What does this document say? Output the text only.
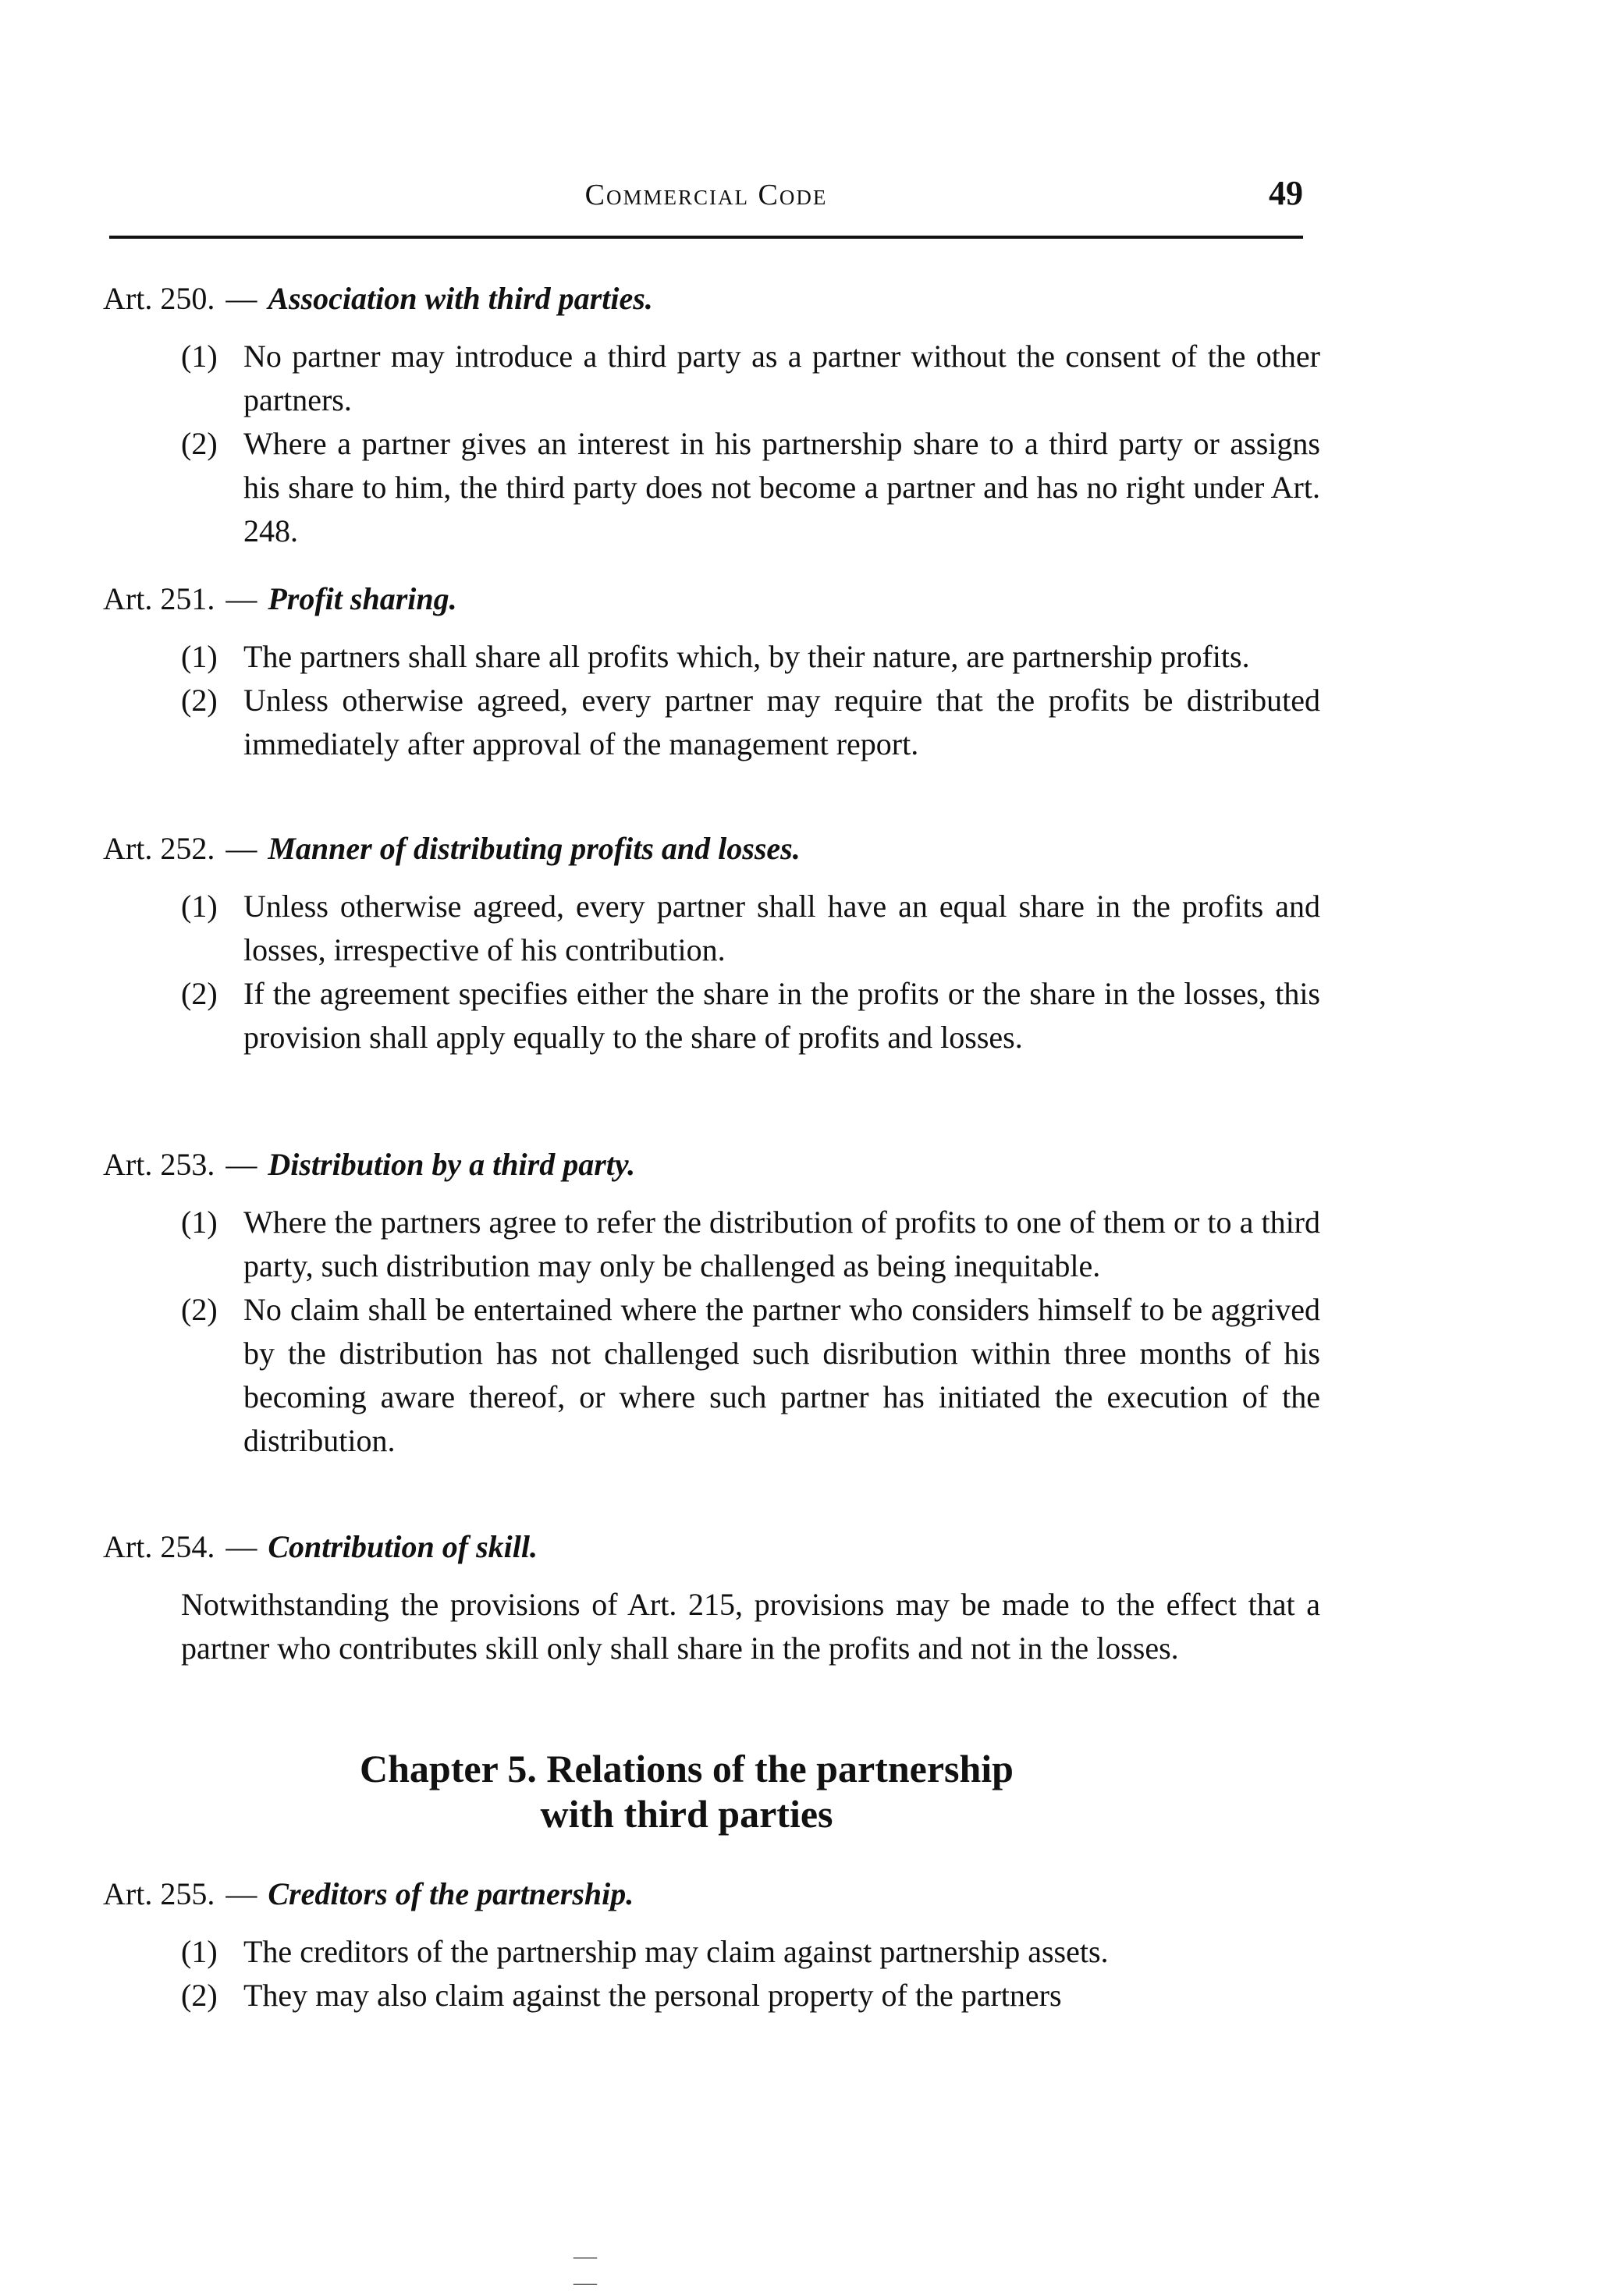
Commercial Code	49
Art. 250. — Association with third parties.

(1) No partner may introduce a third party as a partner without the consent of the other partners.

(2) Where a partner gives an interest in his partnership share to a third party or assigns his share to him, the third party does not become a partner and has no right under Art. 248.

Art. 251. — Profit sharing.

(1) The partners shall share all profits which, by their nature, are partnership profits.

(2) Unless otherwise agreed, every partner may require that the profits be distributed immediately after approval of the management report.

Art. 252. — Manner of distributing profits and losses.

(1) Unless otherwise agreed, every partner shall have an equal share in the profits and losses, irrespective of his contribution.

(2) If the agreement specifies either the share in the profits or the share in the losses, this provision shall apply equally to the share of profits and losses.

Art. 253. — Distribution by a third party.

(1) Where the partners agree to refer the distribution of profits to one of them or to a third party, such distribution may only be challenged as being inequitable.

(2) No claim shall be entertained where the partner who considers himself to be aggrived by the distribution has not challenged such disribution within three months of his becoming aware thereof, or where such partner has initiated the execution of the distribution.

Art. 254. — Contribution of skill.

Notwithstanding the provisions of Art. 215, provisions may be made to the effect that a partner who contributes skill only shall share in the profits and not in the losses.

Chapter 5. Relations of the partnership
with third parties
Art. 255. — Creditors of the partnership.

(1) The creditors of the partnership may claim against partnership assets.

(2) They may also claim against the personal property of the partners

— —
